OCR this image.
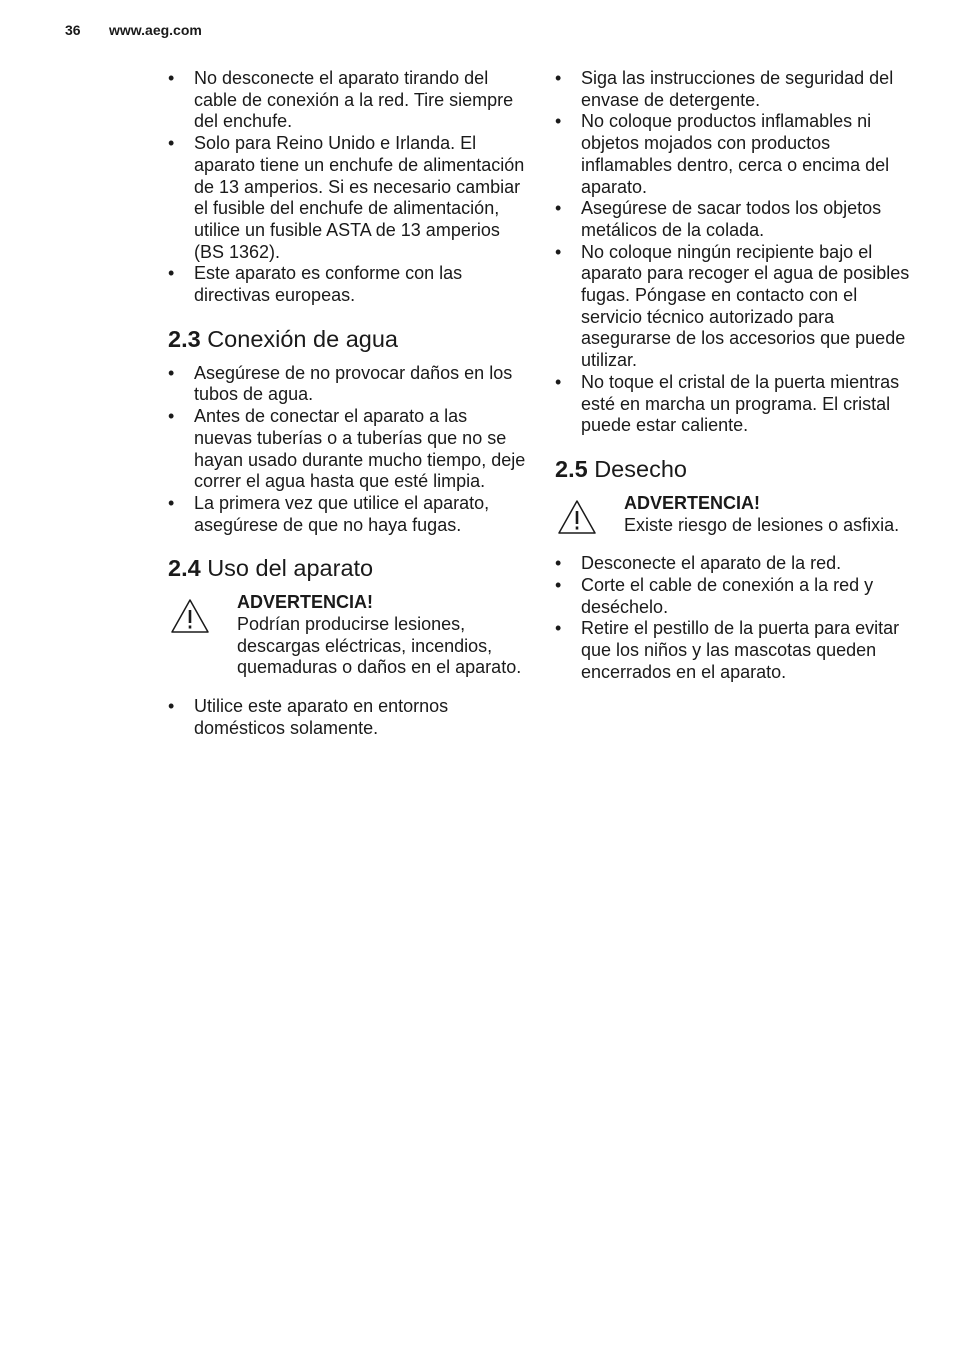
36 www.aeg.com
• No desconecte el aparato tirando del cable de conexión a la red. Tire siempre del enchufe.
• Solo para Reino Unido e Irlanda. El aparato tiene un enchufe de alimentación de 13 amperios. Si es necesario cambiar el fusible del enchufe de alimentación, utilice un fusible ASTA de 13 amperios (BS 1362).
• Este aparato es conforme con las directivas europeas.
2.3 Conexión de agua
• Asegúrese de no provocar daños en los tubos de agua.
• Antes de conectar el aparato a las nuevas tuberías o a tuberías que no se hayan usado durante mucho tiempo, deje correr el agua hasta que esté limpia.
• La primera vez que utilice el aparato, asegúrese de que no haya fugas.
2.4 Uso del aparato
ADVERTENCIA!
Podrían producirse lesiones, descargas eléctricas, incendios, quemaduras o daños en el aparato.
• Utilice este aparato en entornos domésticos solamente.
• Siga las instrucciones de seguridad del envase de detergente.
• No coloque productos inflamables ni objetos mojados con productos inflamables dentro, cerca o encima del aparato.
• Asegúrese de sacar todos los objetos metálicos de la colada.
• No coloque ningún recipiente bajo el aparato para recoger el agua de posibles fugas. Póngase en contacto con el servicio técnico autorizado para asegurarse de los accesorios que puede utilizar.
• No toque el cristal de la puerta mientras esté en marcha un programa. El cristal puede estar caliente.
2.5 Desecho
ADVERTENCIA!
Existe riesgo de lesiones o asfixia.
• Desconecte el aparato de la red.
• Corte el cable de conexión a la red y deséchelo.
• Retire el pestillo de la puerta para evitar que los niños y las mascotas queden encerrados en el aparato.
